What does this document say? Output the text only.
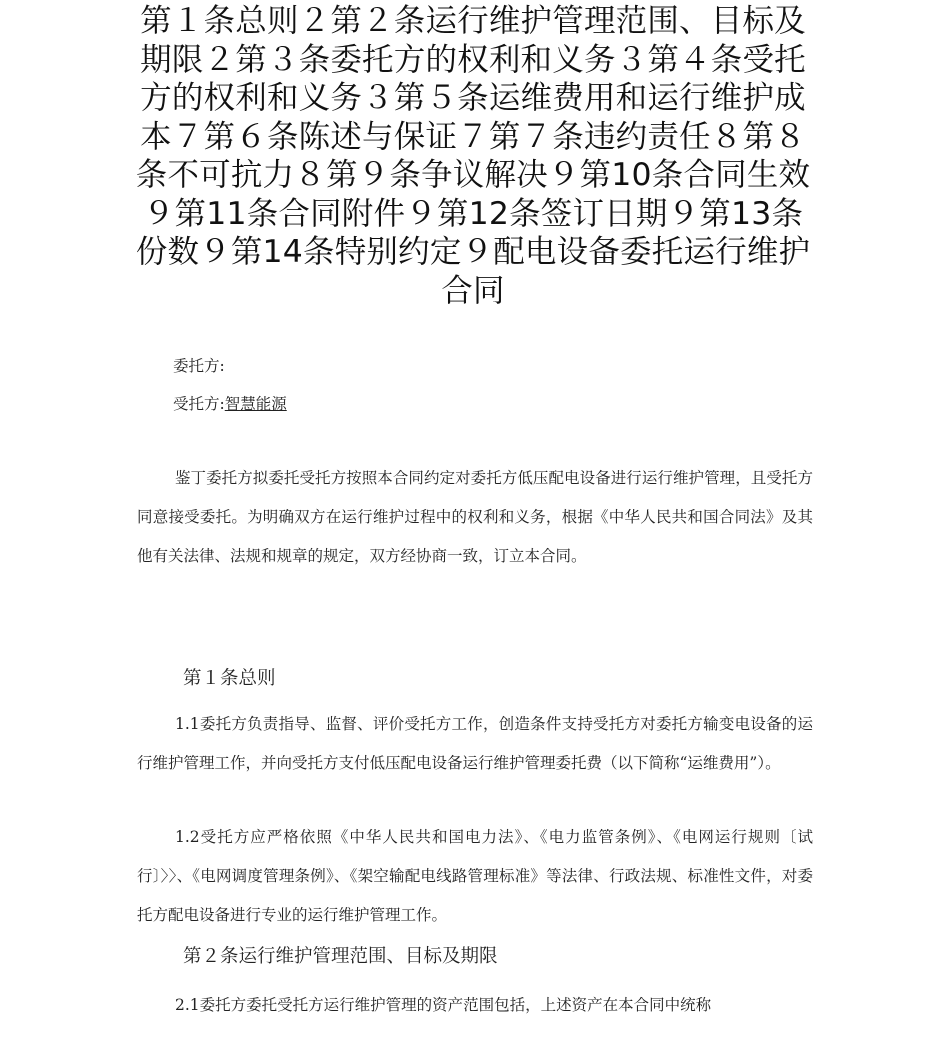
第１条总则２第２条运行维护管理范围、目标及期限２第３条委托方的权利和义务３第４条受托方的权利和义务３第５条运维费用和运行维护成本７第６条陈述与保证７第７条违约责任８第８条不可抗力８第９条争议解决９第10条合同生效９第11条合同附件９第12条签订日期９第13条份数９第14条特别约定９配电设备委托运行维护合同
委托方:
受托方:智慧能源

鉴丁委托方拟委托受托方按照本合同约定对委托方低压配电设备进行运行维护管理，且受托方同意接受委托。为明确双方在运行维护过程中的权利和义务，根据《中华人民共和国合同法》及其他有关法律、法规和规章的规定，双方经协商一致，订立本合同。

第１条总则

1.1委托方负责指导、监督、评价受托方工作，创造条件支持受托方对委托方输变电设备的运行维护管理工作，并向受托方支付低压配电设备运行维护管理委托费（以下简称“运维费用”）。

1.2受托方应严格依照《中华人民共和国电力法》、《电力监管条例》、《电网运行规则〔试行〕〉〉、《电网调度管理条例》、《架空输配电线路管理标准》等法律、行政法规、标准性文件，对委托方配电设备进行专业的运行维护管理工作。

第２条运行维护管理范围、目标及期限

2.1委托方委托受托方运行维护管理的资产范围包括，上述资产在本合同中统称
